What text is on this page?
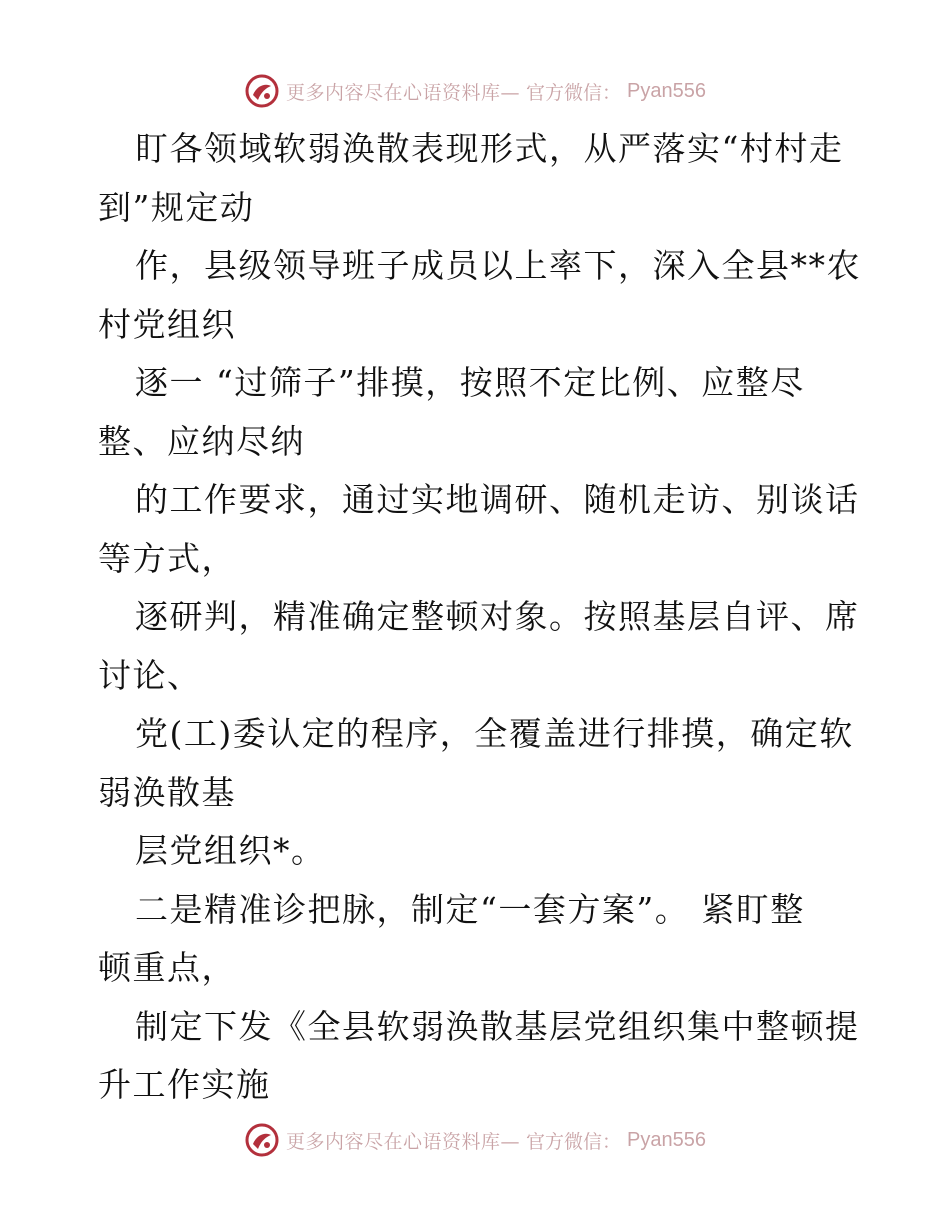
更多内容尽在心语资料库— 官方微信： Pyan556
盯各领域软弱涣散表现形式，从严落实“村村走
到”规定动
作，县级领导班子成员以上率下，深入全县**农
村党组织
逐一 “过筛子”排摸，按照不定比例、应整尽
整、应纳尽纳
的工作要求，通过实地调研、随机走访、别谈话
等方式，
逐研判，精准确定整顿对象。按照基层自评、席
讨论、
党(工)委认定的程序，全覆盖进行排摸，确定软
弱涣散基
层党组织*。
二是精准诊把脉，制定“一套方案”。 紧盯整
顿重点，
制定下发《全县软弱涣散基层党组织集中整顿提
升工作实施
更多内容尽在心语资料库— 官方微信： Pyan556
